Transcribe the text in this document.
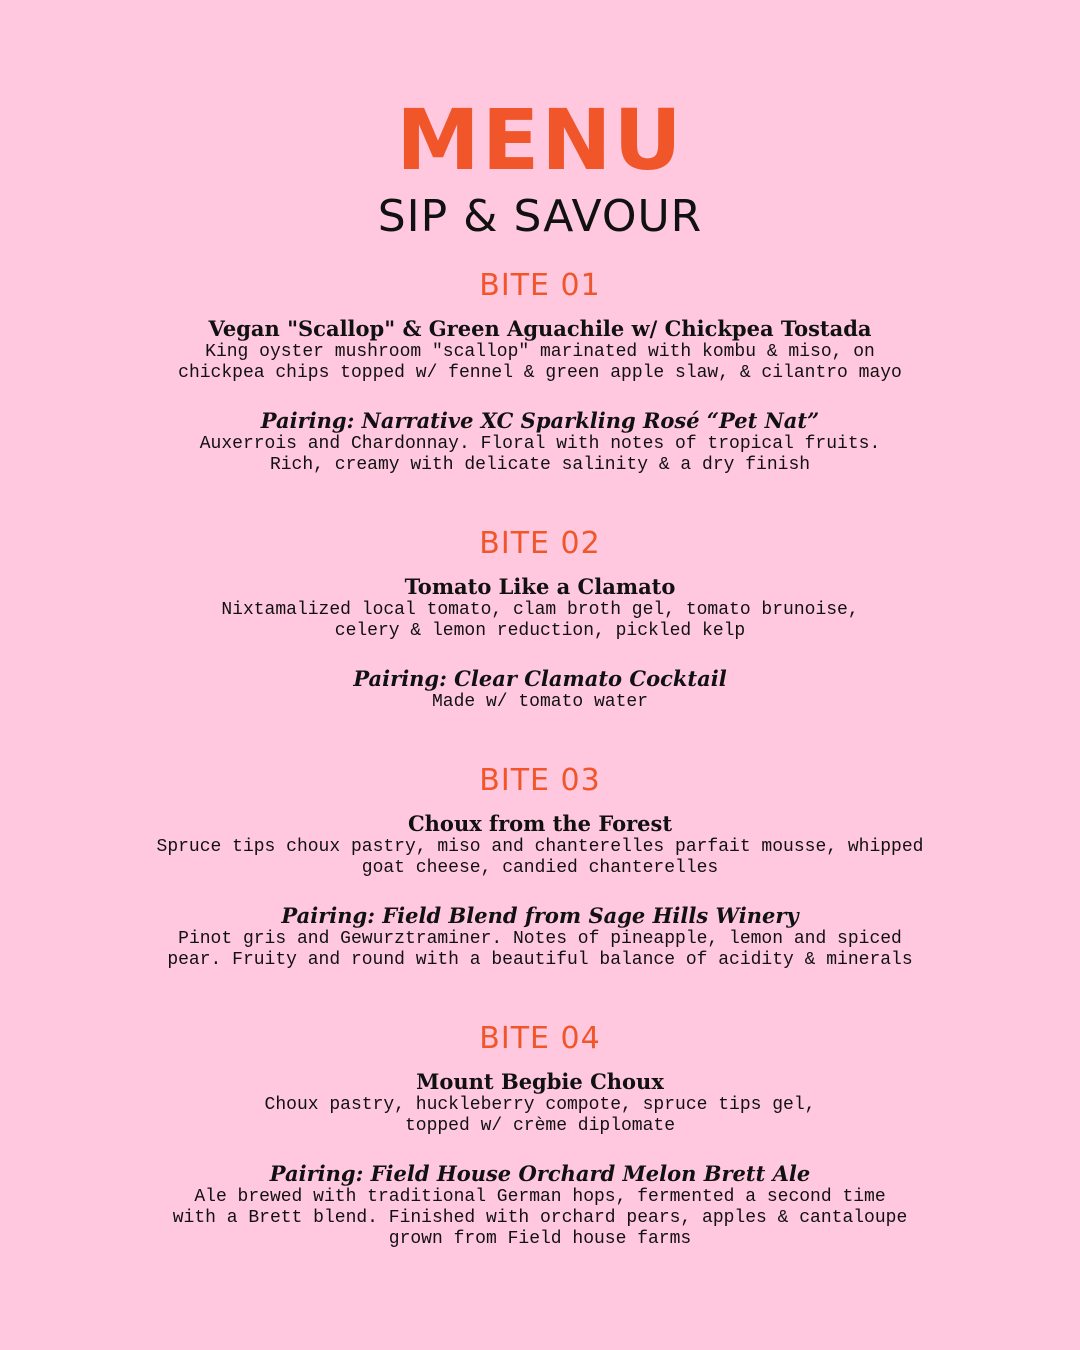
MENU
SIP & SAVOUR
BITE 01

Vegan "Scallop" & Green Aguachile w/ Chickpea Tostada

King oyster mushroom "scallop" marinated with kombu & miso, on
chickpea chips topped w/ fennel & green apple slaw, & cilantro mayo

Pairing: Narrative XC Sparkling Rosé “Pet Nat”

Auxerrois and Chardonnay. Floral with notes of tropical fruits.
Rich, creamy with delicate salinity & a dry finish

BITE 02

Tomato Like a Clamato

Nixtamalized local tomato, clam broth gel, tomato brunoise,
celery & lemon reduction, pickled kelp

Pairing: Clear Clamato Cocktail

Made w/ tomato water

BITE 03

Choux from the Forest

Spruce tips choux pastry, miso and chanterelles parfait mousse, whipped
goat cheese, candied chanterelles

Pairing: Field Blend from Sage Hills Winery

Pinot gris and Gewurztraminer. Notes of pineapple, lemon and spiced
pear. Fruity and round with a beautiful balance of acidity & minerals

BITE 04

Mount Begbie Choux

Choux pastry, huckleberry compote, spruce tips gel,
topped w/ crème diplomate

Pairing: Field House Orchard Melon Brett Ale

Ale brewed with traditional German hops, fermented a second time
with a Brett blend. Finished with orchard pears, apples & cantaloupe
grown from Field house farms
